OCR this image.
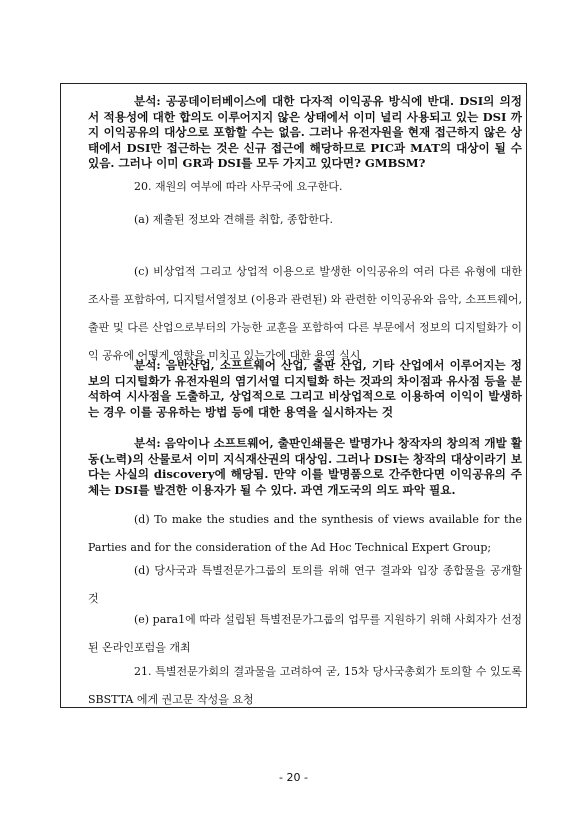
분석: 공공데이터베이스에 대한 다자적 이익공유 방식에 반대. DSI의 의정서 적용성에 대한 합의도 이루어지지 않은 상태에서 이미 널리 사용되고 있는 DSI 까지 이익공유의 대상으로 포함할 수는 없음. 그러나 유전자원을 현재 접근하지 않은 상태에서 DSI만 접근하는 것은 신규 접근에 해당하므로 PIC과 MAT의 대상이 될 수 있음. 그러나 이미 GR과 DSI를 모두 가지고 있다면? GMBSM?

20. 재원의 여부에 따라 사무국에 요구한다.

(a) 제출된 정보와 견해를 취합, 종합한다.

(c) 비상업적 그리고 상업적 이용으로 발생한 이익공유의 여러 다른 유형에 대한 조사를 포함하여, 디지털서열정보 (이용과 관련된) 와 관련한 이익공유와 음악, 소프트웨어, 출판 및 다른 산업으로부터의 가능한 교훈을 포함하여 다른 부문에서 정보의 디지털화가 이익 공유에 어떻게 영향을 미치고 있는가에 대한 용역 실시

분석: 음반산업, 소프트웨어 산업, 출판 산업, 기타 산업에서 이루어지는 정보의 디지털화가 유전자원의 염기서열 디지털화 하는 것과의 차이점과 유사점 등을 분석하여 시사점을 도출하고, 상업적으로 그리고 비상업적으로 이용하여 이익이 발생하는 경우 이를 공유하는 방법 등에 대한 용역을 실시하자는 것

분석: 음악이나 소프트웨어, 출판인쇄물은 발명가나 창작자의 창의적 개발 활동(노력)의 산물로서 이미 지식재산권의 대상임. 그러나 DSI는 창작의 대상이라기 보다는 사실의 discovery에 해당됨. 만약 이를 발명품으로 간주한다면 이익공유의 주체는 DSI를 발견한 이용자가 될 수 있다. 과연 개도국의 의도 파악 필요.

(d) To make the studies and the synthesis of views available for the Parties and for the consideration of the Ad Hoc Technical Expert Group;

(d) 당사국과 특별전문가그룹의 토의를 위해 연구 결과와 입장 종합물을 공개할 것

(e) para1에 따라 설립된 특별전문가그룹의 업무를 지원하기 위해 사회자가 선정된 온라인포럼을 개최

21. 특별전문가회의 결과물을 고려하여 굳, 15차 당사국총회가 토의할 수 있도록 SBSTTA 에게 권고문 작성을 요청

- 20 -
